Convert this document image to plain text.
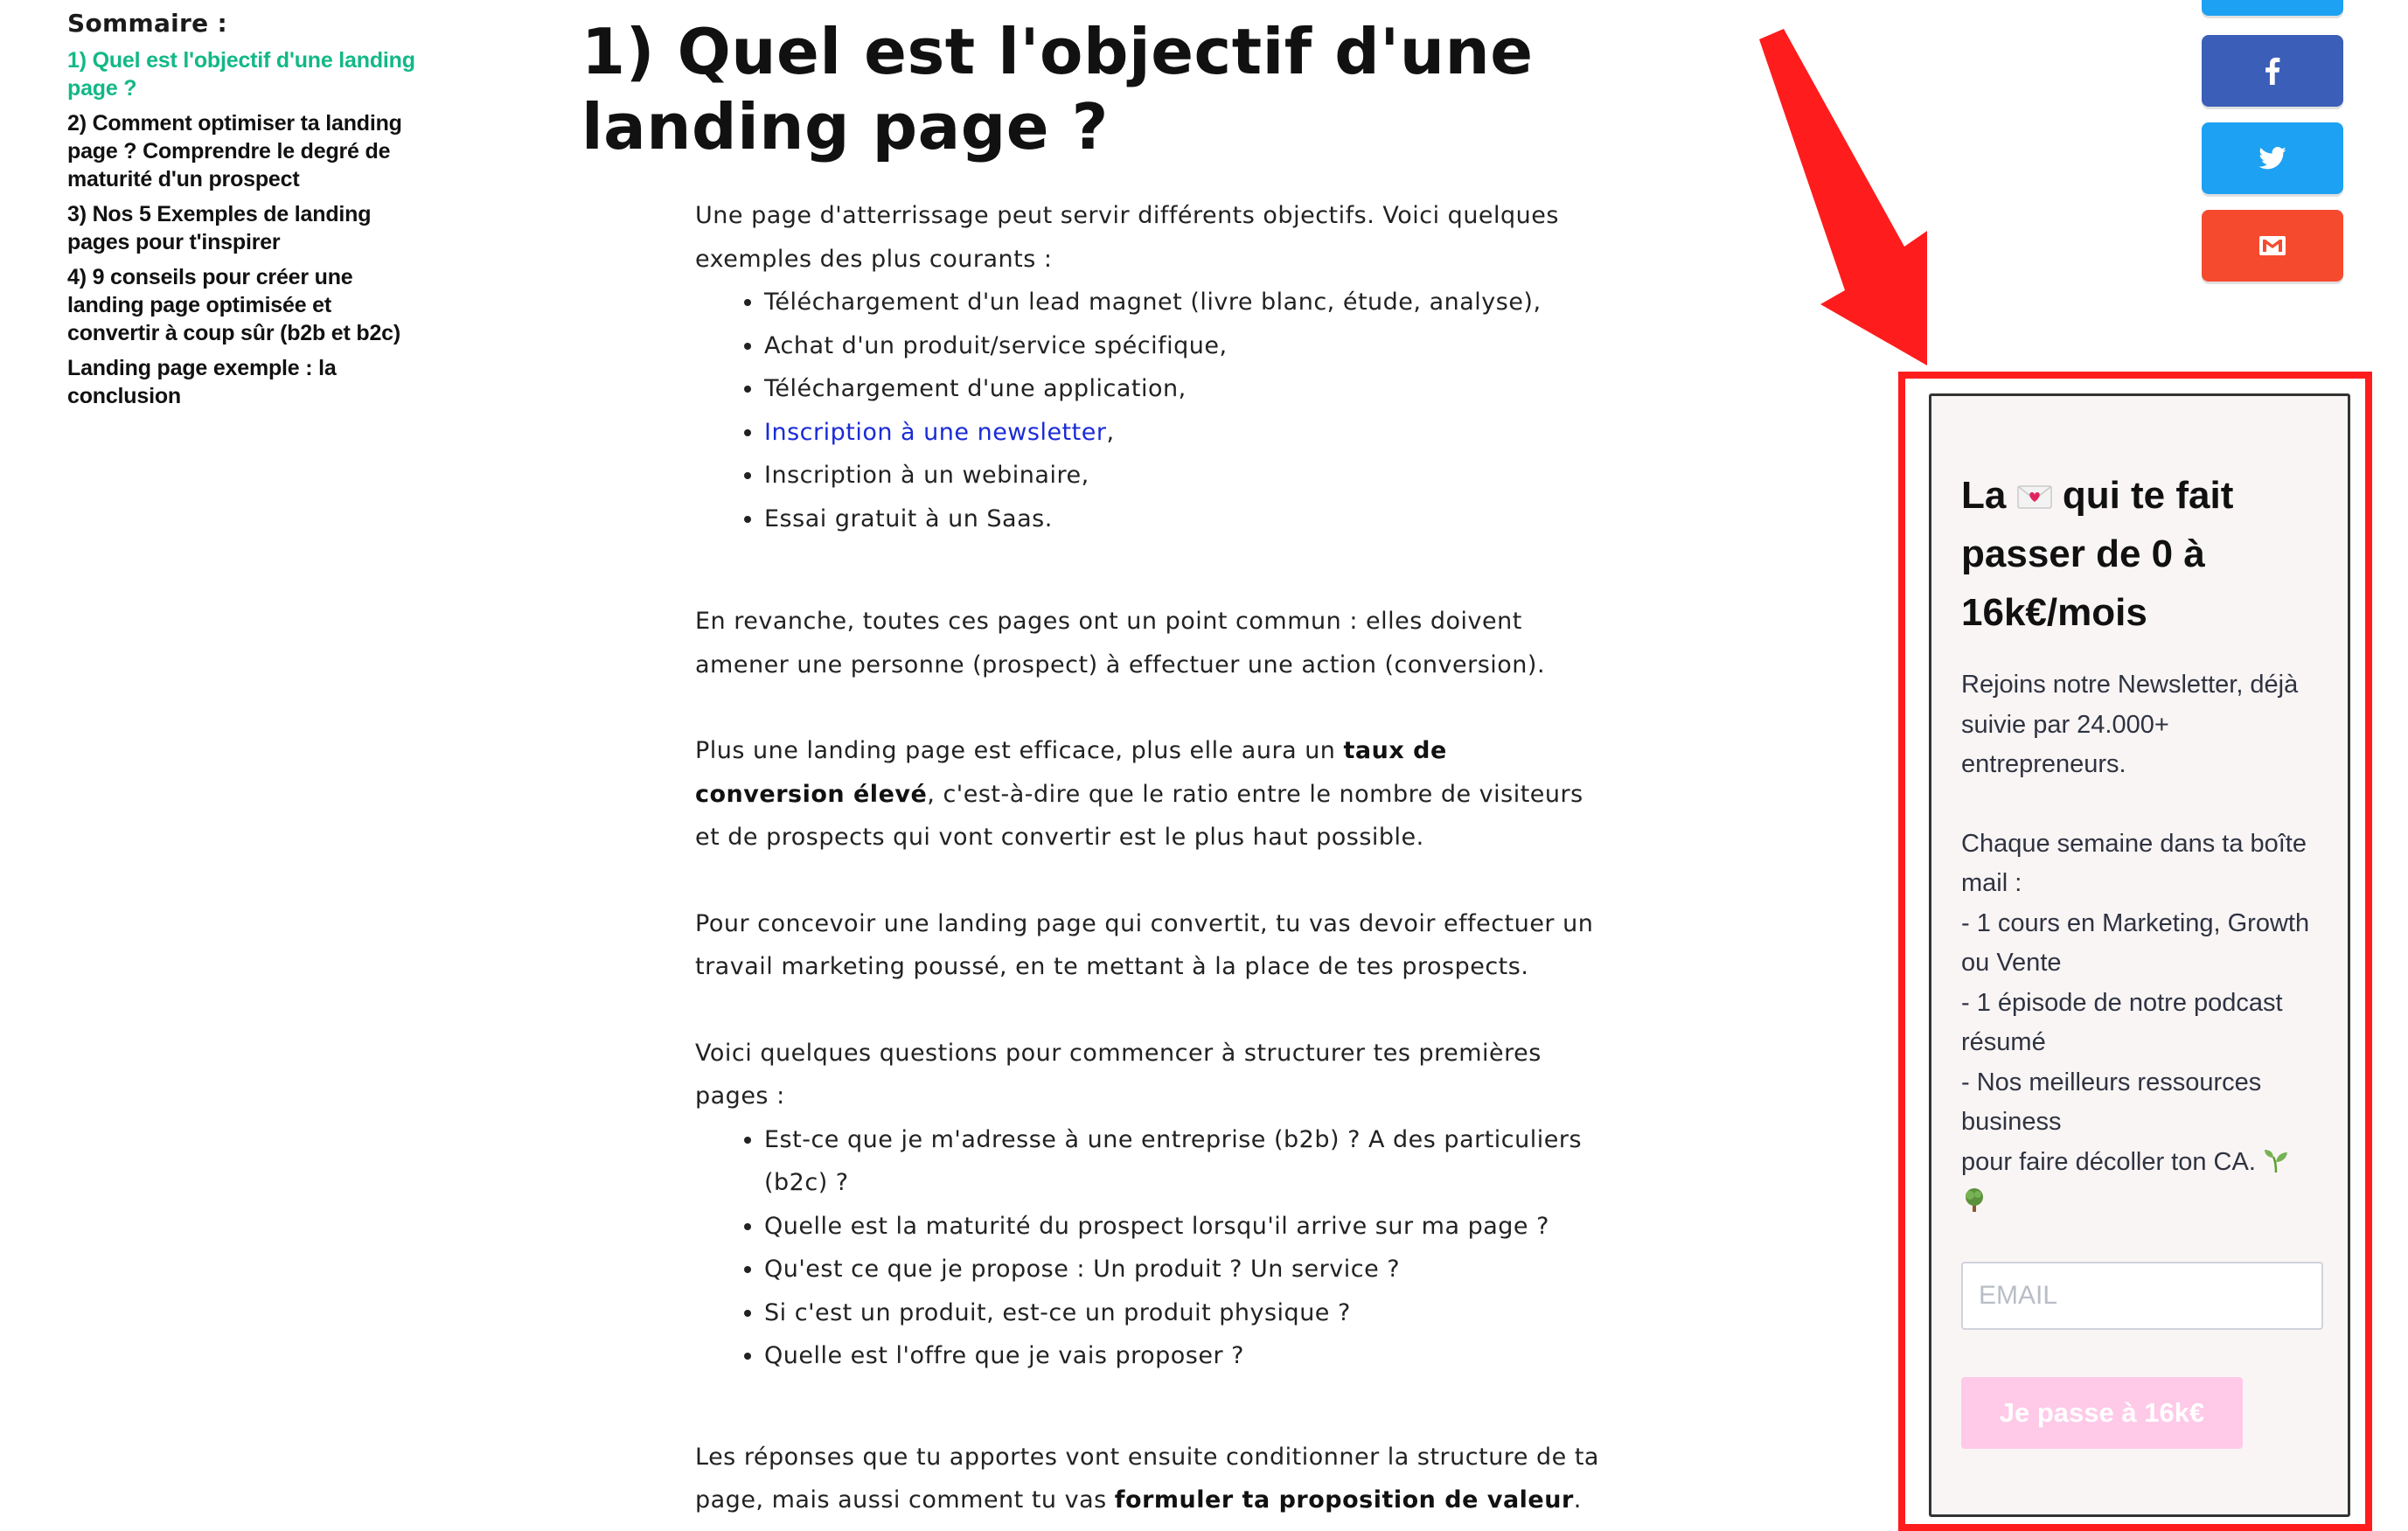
Sommaire :
1) Quel est l'objectif d'une landing page ?
2) Comment optimiser ta landing page ? Comprendre le degré de maturité d'un prospect
3) Nos 5 Exemples de landing pages pour t'inspirer
4) 9 conseils pour créer une landing page optimisée et convertir à coup sûr (b2b et b2c)
Landing page exemple : la conclusion
1) Quel est l'objectif d'une landing page ?

Une page d'atterrissage peut servir différents objectifs. Voici quelques exemples des plus courants :

• Téléchargement d'un lead magnet (livre blanc, étude, analyse),
• Achat d'un produit/service spécifique,
• Téléchargement d'une application,
• Inscription à une newsletter,
• Inscription à un webinaire,
• Essai gratuit à un Saas.

En revanche, toutes ces pages ont un point commun : elles doivent amener une personne (prospect) à effectuer une action (conversion).

Plus une landing page est efficace, plus elle aura un taux de conversion élevé, c'est-à-dire que le ratio entre le nombre de visiteurs et de prospects qui vont convertir est le plus haut possible.

Pour concevoir une landing page qui convertit, tu vas devoir effectuer un travail marketing poussé, en te mettant à la place de tes prospects.

Voici quelques questions pour commencer à structurer tes premières pages :

• Est-ce que je m'adresse à une entreprise (b2b) ? A des particuliers (b2c) ?
• Quelle est la maturité du prospect lorsqu'il arrive sur ma page ?
• Qu'est ce que je propose : Un produit ? Un service ?
• Si c'est un produit, est-ce un produit physique ?
• Quelle est l'offre que je vais proposer ?

Les réponses que tu apportes vont ensuite conditionner la structure de ta page, mais aussi comment tu vas formuler ta proposition de valeur.

La qui te fait passer de 0 à 16k€/mois

Rejoins notre Newsletter, déjà suivie par 24.000+ entrepreneurs.

Chaque semaine dans ta boîte mail :

- 1 cours en Marketing, Growth ou Vente

- 1 épisode de notre podcast résumé

- Nos meilleurs ressources business

pour faire décoller ton CA.

EMAIL
Je passe à 16k€
